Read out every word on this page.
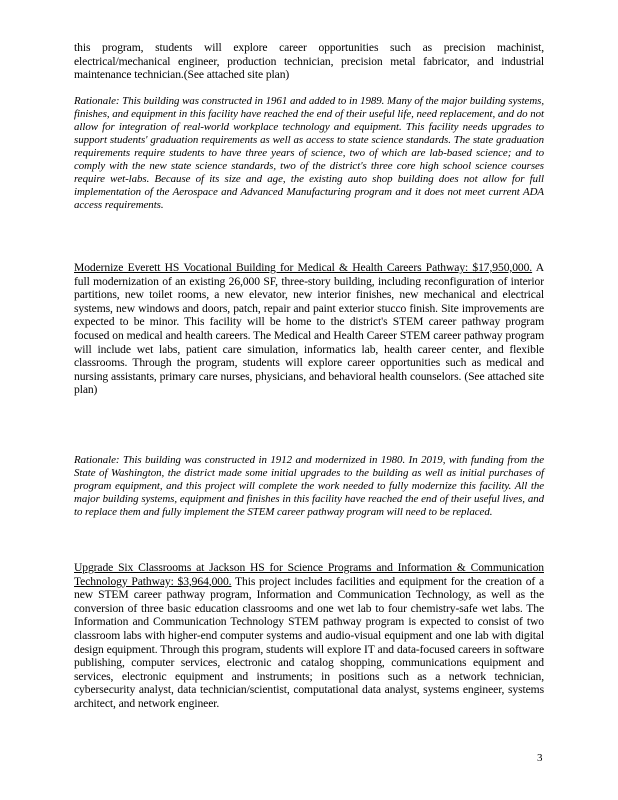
this program, students will explore career opportunities such as precision machinist, electrical/mechanical engineer, production technician, precision metal fabricator, and industrial maintenance technician.(See attached site plan)

Rationale: This building was constructed in 1961 and added to in 1989. Many of the major building systems, finishes, and equipment in this facility have reached the end of their useful life, need replacement, and do not allow for integration of real-world workplace technology and equipment. This facility needs upgrades to support students' graduation requirements as well as access to state science standards. The state graduation requirements require students to have three years of science, two of which are lab-based science; and to comply with the new state science standards, two of the district's three core high school science courses require wet-labs. Because of its size and age, the existing auto shop building does not allow for full implementation of the Aerospace and Advanced Manufacturing program and it does not meet current ADA access requirements.

Modernize Everett HS Vocational Building for Medical & Health Careers Pathway: $17,950,000. A full modernization of an existing 26,000 SF, three-story building, including reconfiguration of interior partitions, new toilet rooms, a new elevator, new interior finishes, new mechanical and electrical systems, new windows and doors, patch, repair and paint exterior stucco finish. Site improvements are expected to be minor. This facility will be home to the district's STEM career pathway program focused on medical and health careers. The Medical and Health Career STEM career pathway program will include wet labs, patient care simulation, informatics lab, health career center, and flexible classrooms. Through the program, students will explore career opportunities such as medical and nursing assistants, primary care nurses, physicians, and behavioral health counselors. (See attached site plan)

Rationale: This building was constructed in 1912 and modernized in 1980. In 2019, with funding from the State of Washington, the district made some initial upgrades to the building as well as initial purchases of program equipment, and this project will complete the work needed to fully modernize this facility. All the major building systems, equipment and finishes in this facility have reached the end of their useful lives, and to replace them and fully implement the STEM career pathway program will need to be replaced.

Upgrade Six Classrooms at Jackson HS for Science Programs and Information & Communication Technology Pathway: $3,964,000. This project includes facilities and equipment for the creation of a new STEM career pathway program, Information and Communication Technology, as well as the conversion of three basic education classrooms and one wet lab to four chemistry-safe wet labs. The Information and Communication Technology STEM pathway program is expected to consist of two classroom labs with higher-end computer systems and audio-visual equipment and one lab with digital design equipment. Through this program, students will explore IT and data-focused careers in software publishing, computer services, electronic and catalog shopping, communications equipment and services, electronic equipment and instruments; in positions such as a network technician, cybersecurity analyst, data technician/scientist, computational data analyst, systems engineer, systems architect, and network engineer.

3
